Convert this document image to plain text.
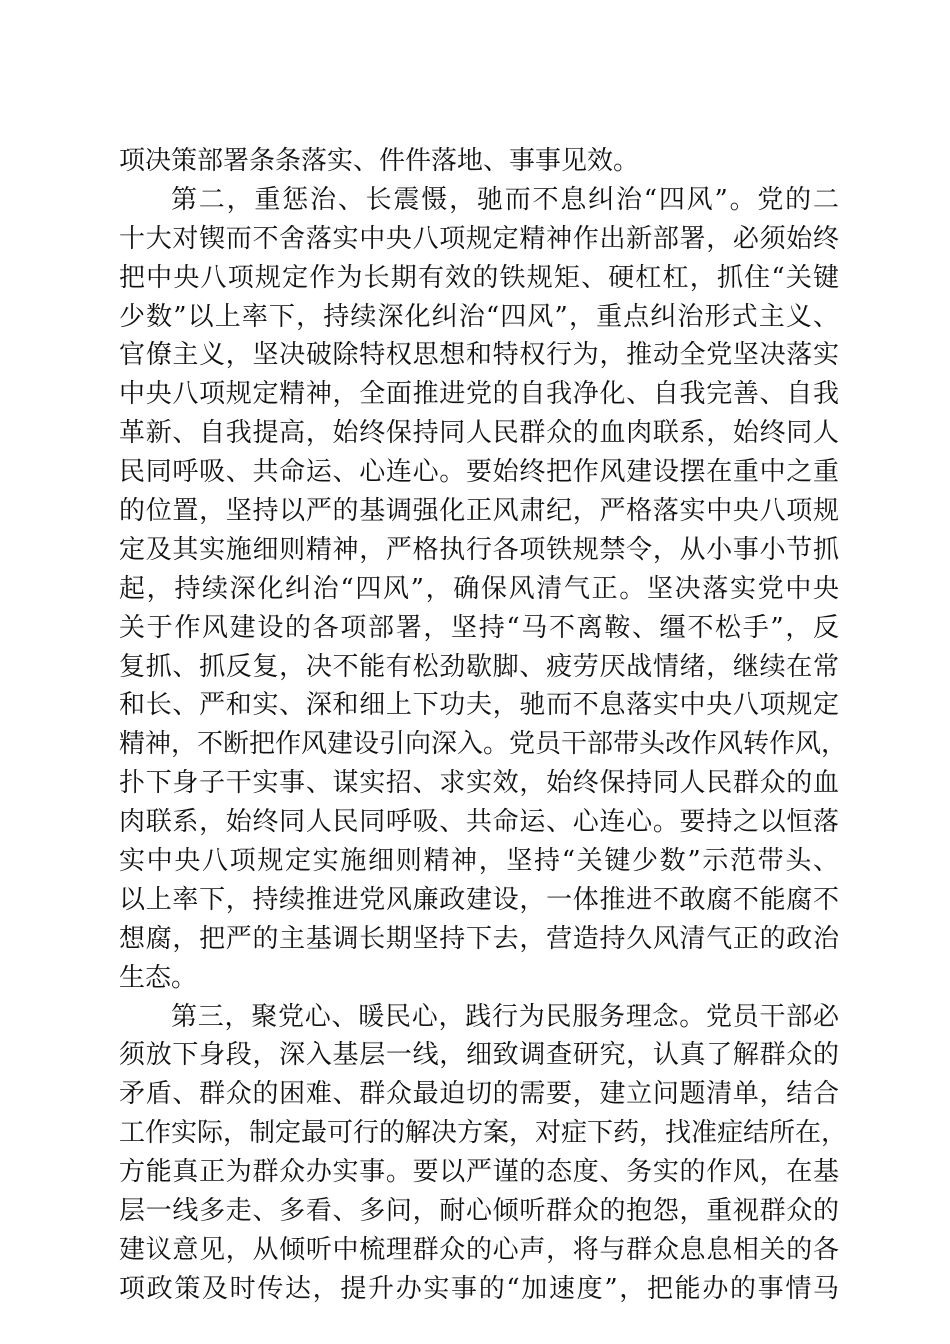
项决策部署条条落实、件件落地、事事见效。
第二，重惩治、长震慑，驰而不息纠治“四风”。党的二
十大对锲而不舍落实中央八项规定精神作出新部署，必须始终
把中央八项规定作为长期有效的铁规矩、硬杠杠，抓住“关键
少数”以上率下，持续深化纠治“四风”，重点纠治形式主义、
官僚主义，坚决破除特权思想和特权行为，推动全党坚决落实
中央八项规定精神，全面推进党的自我净化、自我完善、自我
革新、自我提高，始终保持同人民群众的血肉联系，始终同人
民同呼吸、共命运、心连心。要始终把作风建设摆在重中之重
的位置，坚持以严的基调强化正风肃纪，严格落实中央八项规
定及其实施细则精神，严格执行各项铁规禁令，从小事小节抓
起，持续深化纠治“四风”，确保风清气正。坚决落实党中央
关于作风建设的各项部署，坚持“马不离鞍、缰不松手”，反
复抓、抓反复，决不能有松劲歇脚、疲劳厌战情绪，继续在常
和长、严和实、深和细上下功夫，驰而不息落实中央八项规定
精神，不断把作风建设引向深入。党员干部带头改作风转作风，
扑下身子干实事、谋实招、求实效，始终保持同人民群众的血
肉联系，始终同人民同呼吸、共命运、心连心。要持之以恒落
实中央八项规定实施细则精神，坚持“关键少数”示范带头、
以上率下，持续推进党风廉政建设，一体推进不敢腐不能腐不
想腐，把严的主基调长期坚持下去，营造持久风清气正的政治
生态。
第三，聚党心、暖民心，践行为民服务理念。党员干部必
须放下身段，深入基层一线，细致调查研究，认真了解群众的
矛盾、群众的困难、群众最迫切的需要，建立问题清单，结合
工作实际，制定最可行的解决方案，对症下药，找准症结所在，
方能真正为群众办实事。要以严谨的态度、务实的作风，在基
层一线多走、多看、多问，耐心倾听群众的抱怨，重视群众的
建议意见，从倾听中梳理群众的心声，将与群众息息相关的各
项政策及时传达，提升办实事的“加速度”，把能办的事情马
